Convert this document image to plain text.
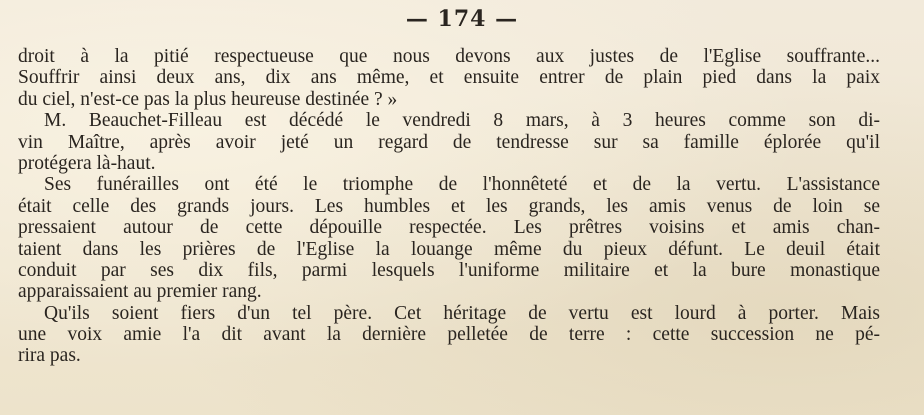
— 174 —
droit à la pitié respectueuse que nous devons aux justes de l'Eglise souffrante...
Souffrir ainsi deux ans, dix ans même, et ensuite entrer de plain pied dans la paix
du ciel, n'est-ce pas la plus heureuse destinée ? »
M. Beauchet-Filleau est décédé le vendredi 8 mars, à 3 heures comme son di-
vin Maître, après avoir jeté un regard de tendresse sur sa famille éplorée qu'il
protégera là-haut.
Ses funérailles ont été le triomphe de l'honnêteté et de la vertu. L'assistance
était celle des grands jours. Les humbles et les grands, les amis venus de loin se
pressaient autour de cette dépouille respectée. Les prêtres voisins et amis chan-
taient dans les prières de l'Eglise la louange même du pieux défunt. Le deuil était
conduit par ses dix fils, parmi lesquels l'uniforme militaire et la bure monastique
apparaissaient au premier rang.
Qu'ils soient fiers d'un tel père. Cet héritage de vertu est lourd à porter. Mais
une voix amie l'a dit avant la dernière pelletée de terre : cette succession ne pé-
rira pas.
